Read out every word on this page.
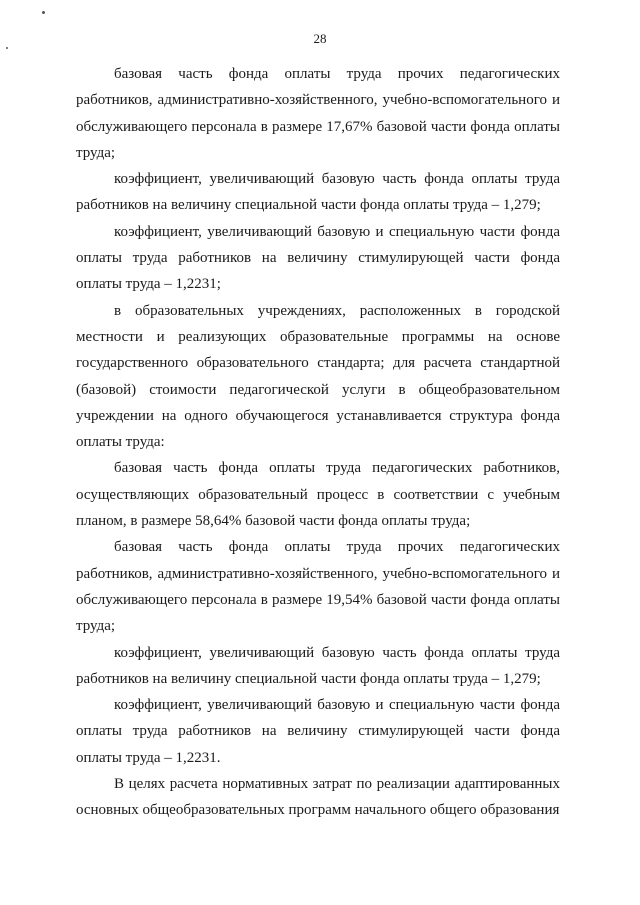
28

базовая часть фонда оплаты труда прочих педагогических работников, административно-хозяйственного, учебно-вспомогательного и обслуживающего персонала в размере 17,67% базовой части фонда оплаты труда;

коэффициент, увеличивающий базовую часть фонда оплаты труда работников на величину специальной части фонда оплаты труда – 1,279;

коэффициент, увеличивающий базовую и специальную части фонда оплаты труда работников на величину стимулирующей части фонда оплаты труда – 1,2231;

в образовательных учреждениях, расположенных в городской местности и реализующих образовательные программы на основе государственного образовательного стандарта; для расчета стандартной (базовой) стоимости педагогической услуги в общеобразовательном учреждении на одного обучающегося устанавливается структура фонда оплаты труда:

базовая часть фонда оплаты труда педагогических работников, осуществляющих образовательный процесс в соответствии с учебным планом, в размере 58,64% базовой части фонда оплаты труда;

базовая часть фонда оплаты труда прочих педагогических работников, административно-хозяйственного, учебно-вспомогательного и обслуживающего персонала в размере 19,54% базовой части фонда оплаты труда;

коэффициент, увеличивающий базовую часть фонда оплаты труда работников на величину специальной части фонда оплаты труда – 1,279;

коэффициент, увеличивающий базовую и специальную части фонда оплаты труда работников на величину стимулирующей части фонда оплаты труда – 1,2231.

В целях расчета нормативных затрат по реализации адаптированных основных общеобразовательных программ начального общего образования
